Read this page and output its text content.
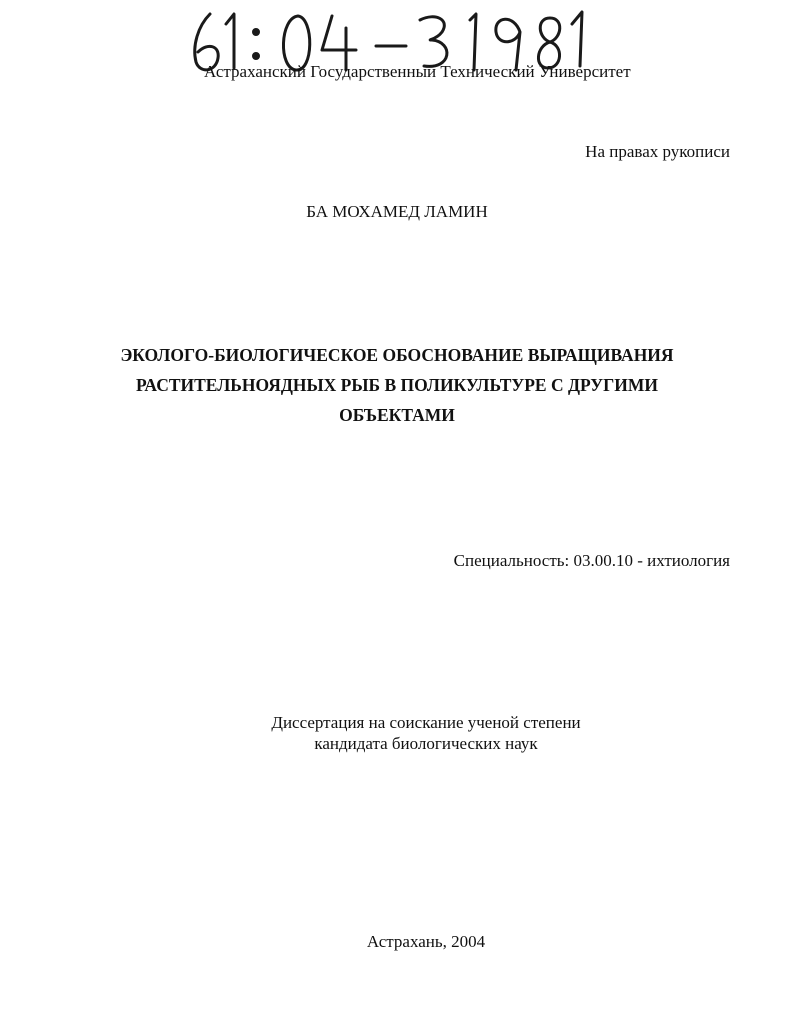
Астраханский Государственный Технический Университет
На правах рукописи
БА МОХАМЕД ЛАМИН
ЭКОЛОГО-БИОЛОГИЧЕСКОЕ ОБОСНОВАНИЕ ВЫРАЩИВАНИЯ
РАСТИТЕЛЬНОЯДНЫХ РЫБ В ПОЛИКУЛЬТУРЕ С ДРУГИМИ
ОБЪЕКТАМИ
Специальность: 03.00.10 - ихтиология
Диссертация на соискание ученой степени
кандидата биологических наук
Астрахань, 2004
